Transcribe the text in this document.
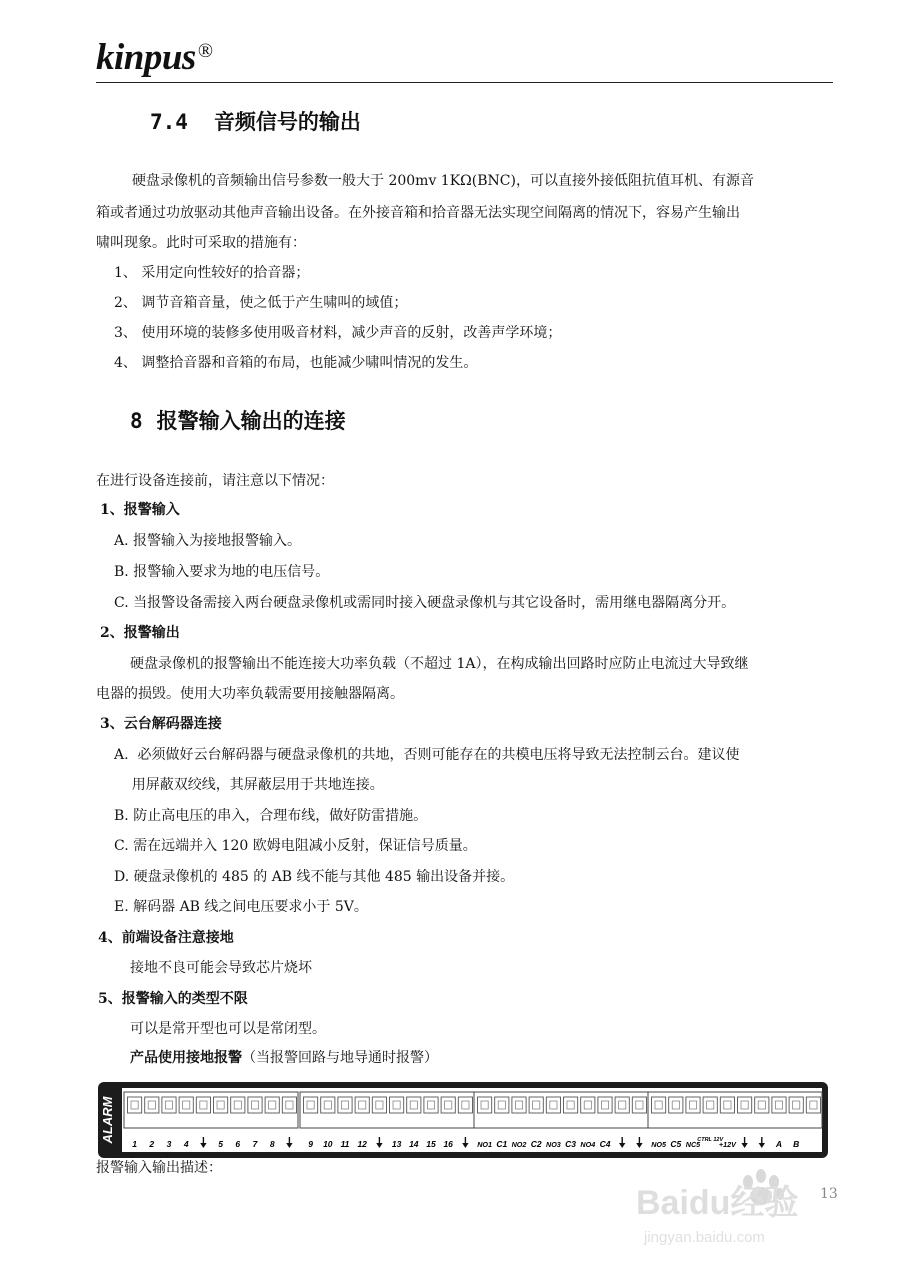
kinpus ®
7.4 音频信号的输出
硬盘录像机的音频输出信号参数一般大于 200mv 1KΩ(BNC)，可以直接外接低阻抗值耳机、有源音
箱或者通过功放驱动其他声音输出设备。在外接音箱和拾音器无法实现空间隔离的情况下，容易产生输出
啸叫现象。此时可采取的措施有：
1、 采用定向性较好的拾音器；
2、 调节音箱音量，使之低于产生啸叫的域值；
3、 使用环境的装修多使用吸音材料，减少声音的反射，改善声学环境；
4、 调整拾音器和音箱的布局，也能减少啸叫情况的发生。
8 报警输入输出的连接
在进行设备连接前，请注意以下情况：
1、报警输入
A. 报警输入为接地报警输入。
B. 报警输入要求为地的电压信号。
C. 当报警设备需接入两台硬盘录像机或需同时接入硬盘录像机与其它设备时，需用继电器隔离分开。
2、报警输出
硬盘录像机的报警输出不能连接大功率负载（不超过 1A），在构成输出回路时应防止电流过大导致继
电器的损毁。使用大功率负载需要用接触器隔离。
3、云台解码器连接
A.  必须做好云台解码器与硬盘录像机的共地，否则可能存在的共模电压将导致无法控制云台。建议使
用屏蔽双绞线，其屏蔽层用于共地连接。
B. 防止高电压的串入，合理布线，做好防雷措施。
C. 需在远端并入 120 欧姆电阻减小反射，保证信号质量。
D. 硬盘录像机的 485 的 AB 线不能与其他 485 输出设备并接。
E. 解码器 AB 线之间电压要求小于 5V。
4、前端设备注意接地
接地不良可能会导致芯片烧坏
5、报警输入的类型不限
可以是常开型也可以是常闭型。
产品使用接地报警（当报警回路与地导通时报警）
ALARM
1 2 3 4	5 6 7 8	9 10 11 12	13 14 15 16	NO1 C1 NO2 C2 NO3 C3 NO4 C4	NO5 C5 NC5
CTRL 12V
+12V	A B
报警输入输出描述：
Baidu经验
jingyan.baidu.com
13
